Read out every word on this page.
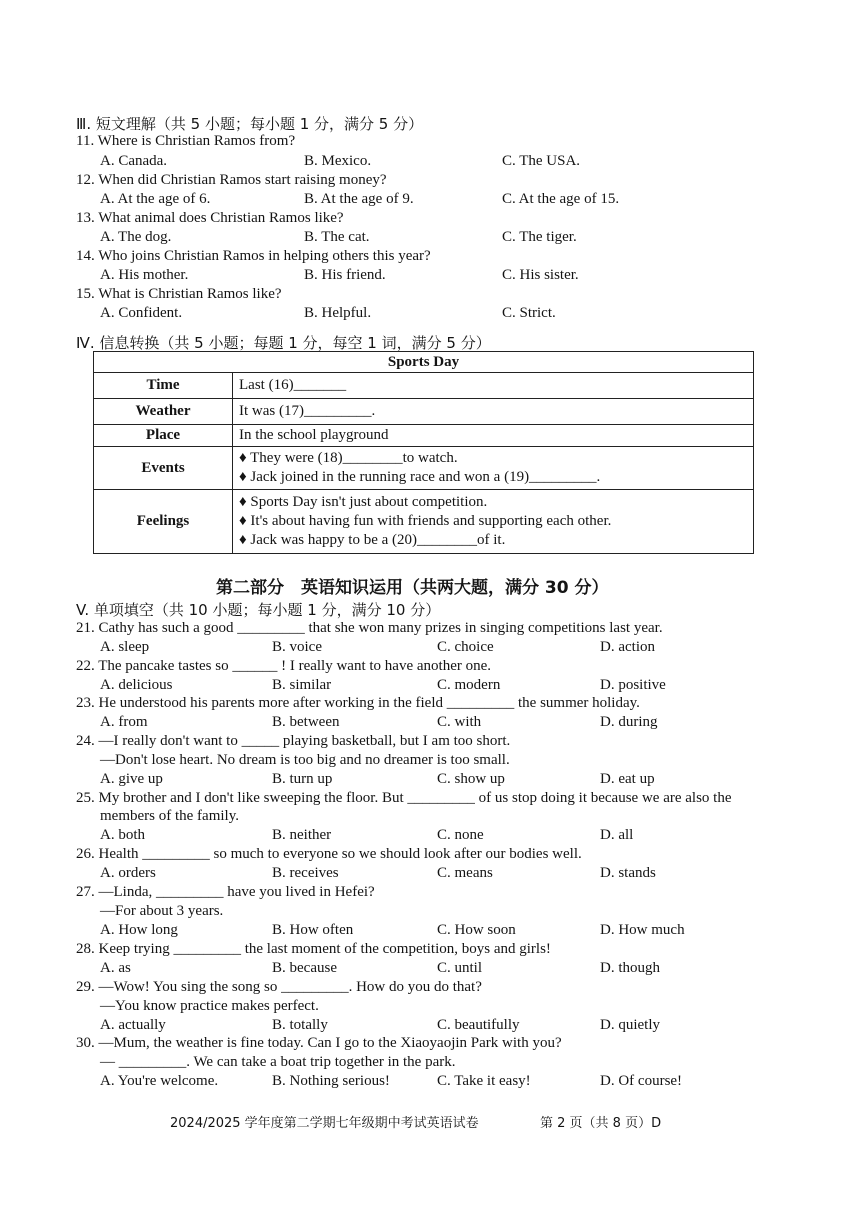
Ⅲ. 短文理解（共 5 小题；每小题 1 分，满分 5 分）
11. Where is Christian Ramos from?
A. Canada.	B. Mexico.	C. The USA.
12. When did Christian Ramos start raising money?
A. At the age of 6.	B. At the age of 9.	C. At the age of 15.
13. What animal does Christian Ramos like?
A. The dog.	B. The cat.	C. The tiger.
14. Who joins Christian Ramos in helping others this year?
A. His mother.	B. His friend.	C. His sister.
15. What is Christian Ramos like?
A. Confident.	B. Helpful.	C. Strict.
Ⅳ. 信息转换（共 5 小题；每题 1 分，每空 1 词，满分 5 分）
Sports Day	
Time	Last (16)_______
Weather	It was (17)_________.
Place	In the school playground
Events	♦ They were (18)________to watch.
♦ Jack joined in the running race and won a (19)_________.

Feelings	♦ Sports Day isn't just about competition.
♦ It's about having fun with friends and supporting each other.
♦ Jack was happy to be a (20)________of it.
第二部分　英语知识运用（共两大题，满分 30 分）
V. 单项填空（共 10 小题；每小题 1 分，满分 10 分）
21. Cathy has such a good _________ that she won many prizes in singing competitions last year.
A. sleep	B. voice	C. choice	D. action
22. The pancake tastes so ______ ! I really want to have another one.
A. delicious	B. similar	C. modern	D. positive
23. He understood his parents more after working in the field _________ the summer holiday.
A. from	B. between	C. with	D. during
24. —I really don't want to _____ playing basketball, but I am too short.
—Don't lose heart. No dream is too big and no dreamer is too small.
A. give up	B. turn up	C. show up	D. eat up
25. My brother and I don't like sweeping the floor. But _________ of us stop doing it because we are also the
members of the family.
A. both	B. neither	C. none	D. all
26. Health _________ so much to everyone so we should look after our bodies well.
A. orders	B. receives	C. means	D. stands
27. —Linda, _________ have you lived in Hefei?
—For about 3 years.
A. How long	B. How often	C. How soon	D. How much
28. Keep trying _________ the last moment of the competition, boys and girls!
A. as	B. because	C. until	D. though
29. —Wow! You sing the song so _________. How do you do that?
—You know practice makes perfect.
A. actually	B. totally	C. beautifully	D. quietly
30. —Mum, the weather is fine today. Can I go to the Xiaoyaojin Park with you?
— _________. We can take a boat trip together in the park.
A. You're welcome.	B. Nothing serious!	C. Take it easy!	D. Of course!
2024/2025 学年度第二学期七年级期中考试英语试卷	第 2 页（共 8 页）D
